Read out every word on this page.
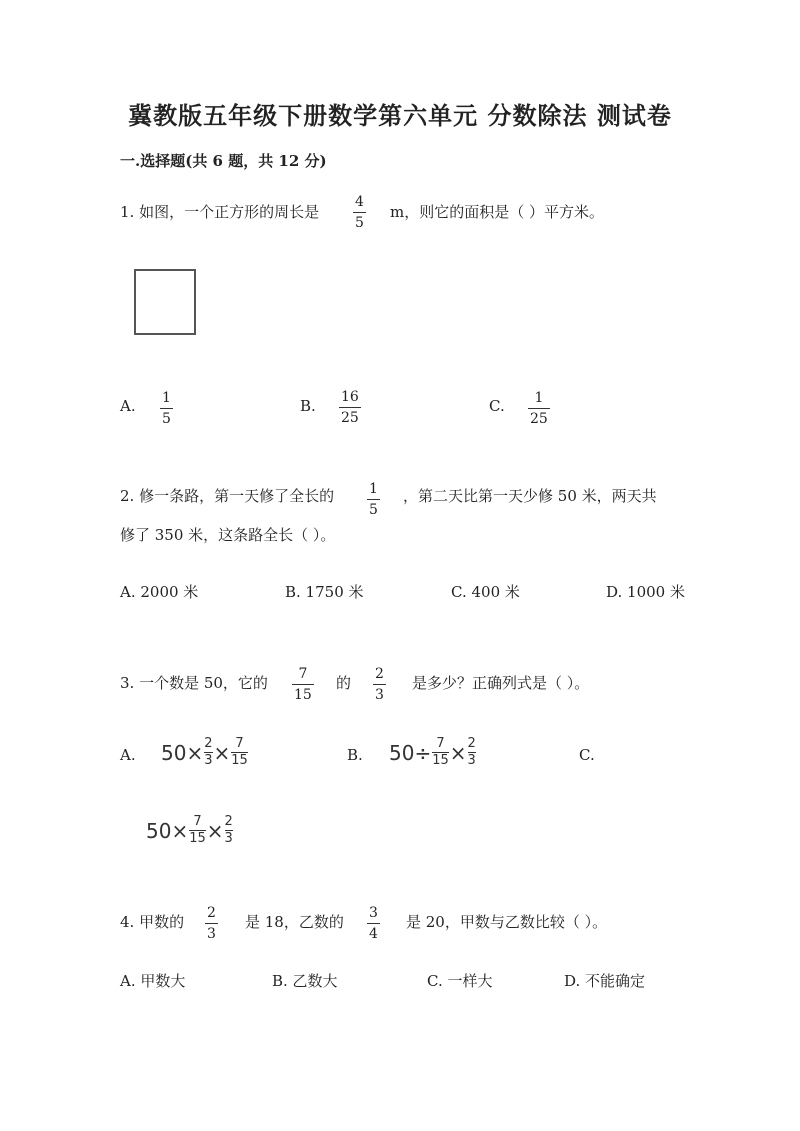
冀教版五年级下册数学第六单元 分数除法 测试卷
一.选择题(共 6 题，共 12 分)
1. 如图，一个正方形的周长是
4
5
m，则它的面积是（ ）平方米。
A. 1
5
B. 16
25
C. 1
25
2. 修一条路，第一天修了全长的 1
5
，第二天比第一天少修 50 米，两天共
修了 350 米，这条路全长（ ）。
A. 2000 米	B. 1750 米	C. 400 米	D. 1000 米
3. 一个数是 50，它的 7
15
的 2
3
是多少？正确列式是（ ）。
A. 50× 2
3 × 7
15	B. 50÷ 7
15 × 2
3	C.
50× 7
15 × 2
3
4. 甲数的 2
3
是 18，乙数的 3
4
是 20，甲数与乙数比较（ ）。
A. 甲数大	B. 乙数大	C. 一样大	D. 不能确定
